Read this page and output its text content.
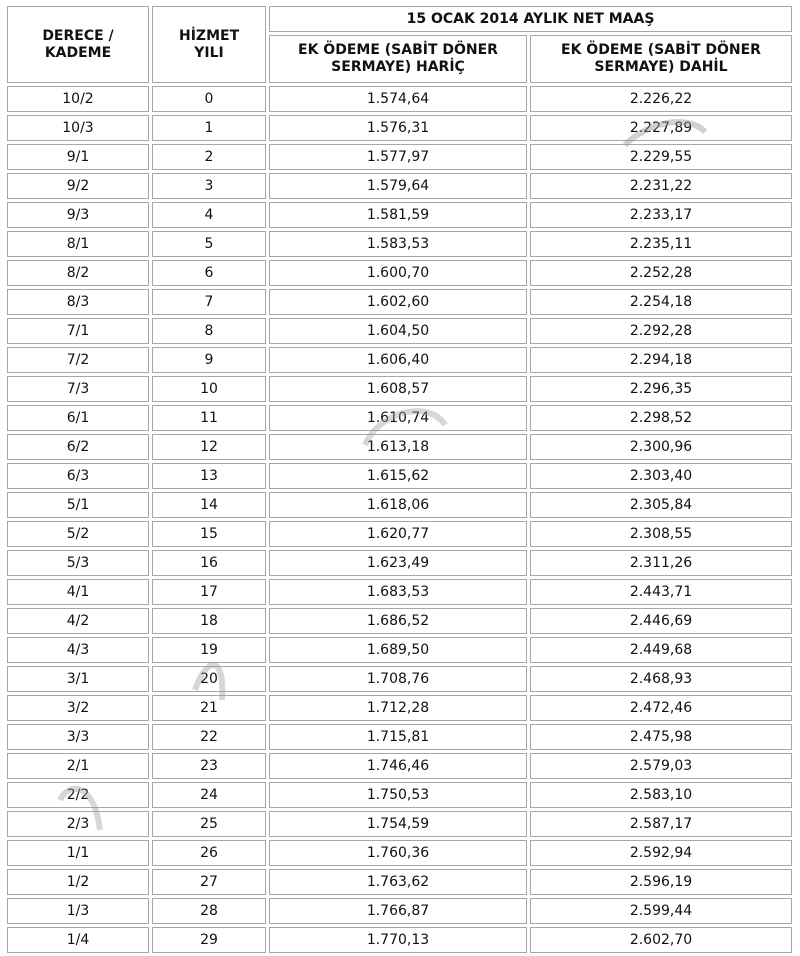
DERECE / KADEME	HİZMET YILI	15 OCAK 2014 AYLIK NET MAAŞ	
		EK ÖDEME (SABİT DÖNER SERMAYE) HARİÇ	EK ÖDEME (SABİT DÖNER SERMAYE) DAHİL
10/2	0	1.574,64	2.226,22
10/3	1	1.576,31	2.227,89
9/1	2	1.577,97	2.229,55
9/2	3	1.579,64	2.231,22
9/3	4	1.581,59	2.233,17
8/1	5	1.583,53	2.235,11
8/2	6	1.600,70	2.252,28
8/3	7	1.602,60	2.254,18
7/1	8	1.604,50	2.292,28
7/2	9	1.606,40	2.294,18
7/3	10	1.608,57	2.296,35
6/1	11	1.610,74	2.298,52
6/2	12	1.613,18	2.300,96
6/3	13	1.615,62	2.303,40
5/1	14	1.618,06	2.305,84
5/2	15	1.620,77	2.308,55
5/3	16	1.623,49	2.311,26
4/1	17	1.683,53	2.443,71
4/2	18	1.686,52	2.446,69
4/3	19	1.689,50	2.449,68
3/1	20	1.708,76	2.468,93
3/2	21	1.712,28	2.472,46
3/3	22	1.715,81	2.475,98
2/1	23	1.746,46	2.579,03
2/2	24	1.750,53	2.583,10
2/3	25	1.754,59	2.587,17
1/1	26	1.760,36	2.592,94
1/2	27	1.763,62	2.596,19
1/3	28	1.766,87	2.599,44
1/4	29	1.770,13	2.602,70
